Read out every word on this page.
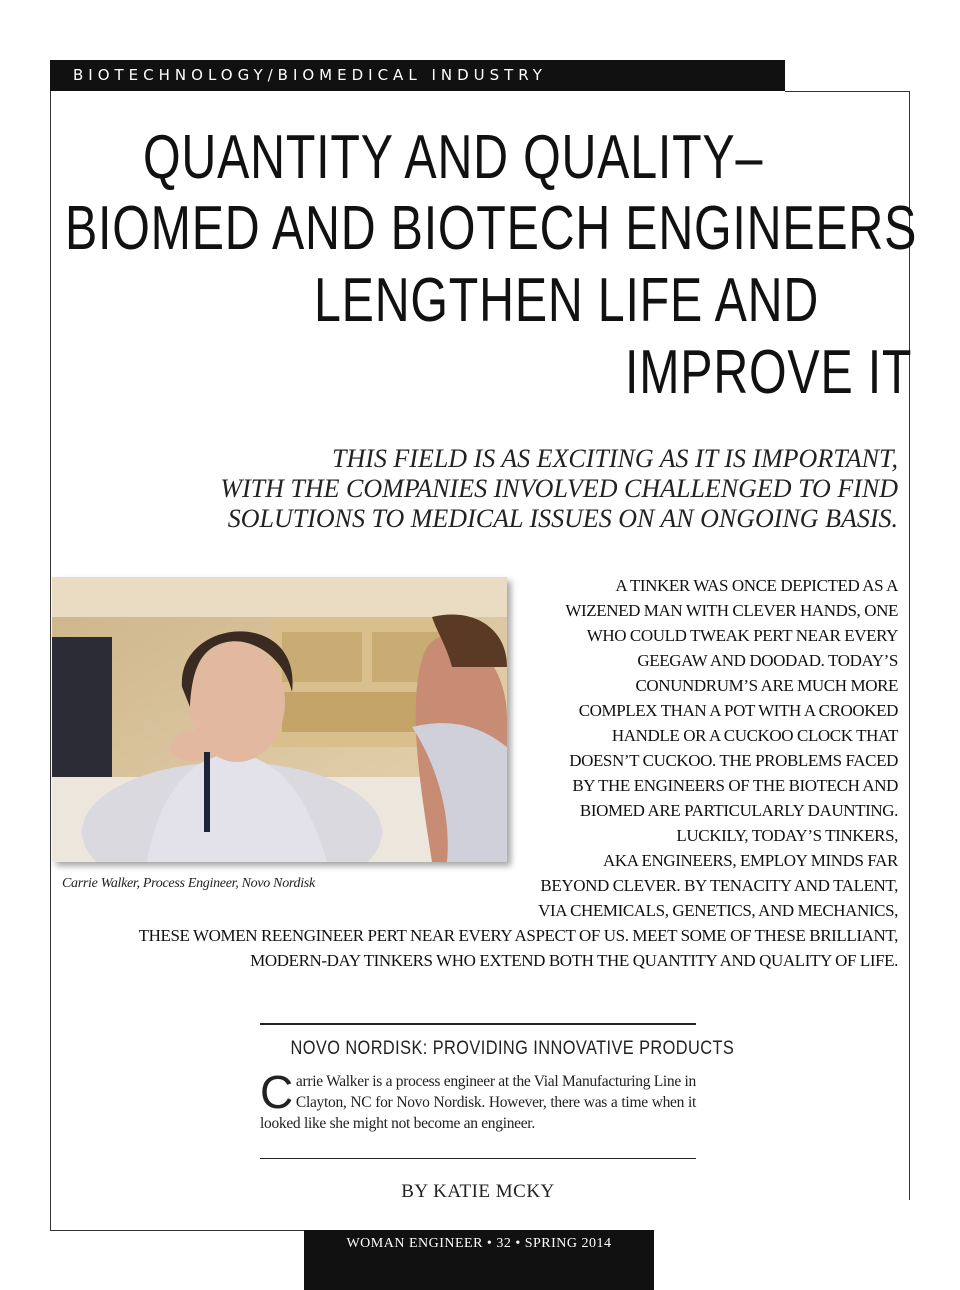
BIOTECHNOLOGY/BIOMEDICAL INDUSTRY
QUANTITY AND QUALITY–
BIOMED AND BIOTECH ENGINEERS
LENGTHEN LIFE AND
IMPROVE IT
THIS FIELD IS AS EXCITING AS IT IS IMPORTANT,
WITH THE COMPANIES INVOLVED CHALLENGED TO FIND
SOLUTIONS TO MEDICAL ISSUES ON AN ONGOING BASIS.
Carrie Walker, Process Engineer, Novo Nordisk
A TINKER WAS ONCE DEPICTED AS A
WIZENED MAN WITH CLEVER HANDS, ONE
WHO COULD TWEAK PERT NEAR EVERY
GEEGAW AND DOODAD. TODAY’S
CONUNDRUM’S ARE MUCH MORE
COMPLEX THAN A POT WITH A CROOKED
HANDLE OR A CUCKOO CLOCK THAT
DOESN’T CUCKOO. THE PROBLEMS FACED
BY THE ENGINEERS OF THE BIOTECH AND
BIOMED ARE PARTICULARLY DAUNTING.
LUCKILY, TODAY’S TINKERS,
AKA ENGINEERS, EMPLOY MINDS FAR
BEYOND CLEVER. BY TENACITY AND TALENT,
VIA CHEMICALS, GENETICS, AND MECHANICS,
THESE WOMEN REENGINEER PERT NEAR EVERY ASPECT OF US. MEET SOME OF THESE BRILLIANT,
MODERN-DAY TINKERS WHO EXTEND BOTH THE QUANTITY AND QUALITY OF LIFE.
NOVO NORDISK: PROVIDING INNOVATIVE PRODUCTS
Carrie Walker is a process engineer at the Vial Manufacturing Line in Clayton, NC for Novo Nordisk. However, there was a time when it looked like she might not become an engineer.
BY KATIE MCKY
WOMAN ENGINEER • 32 • SPRING 2014
